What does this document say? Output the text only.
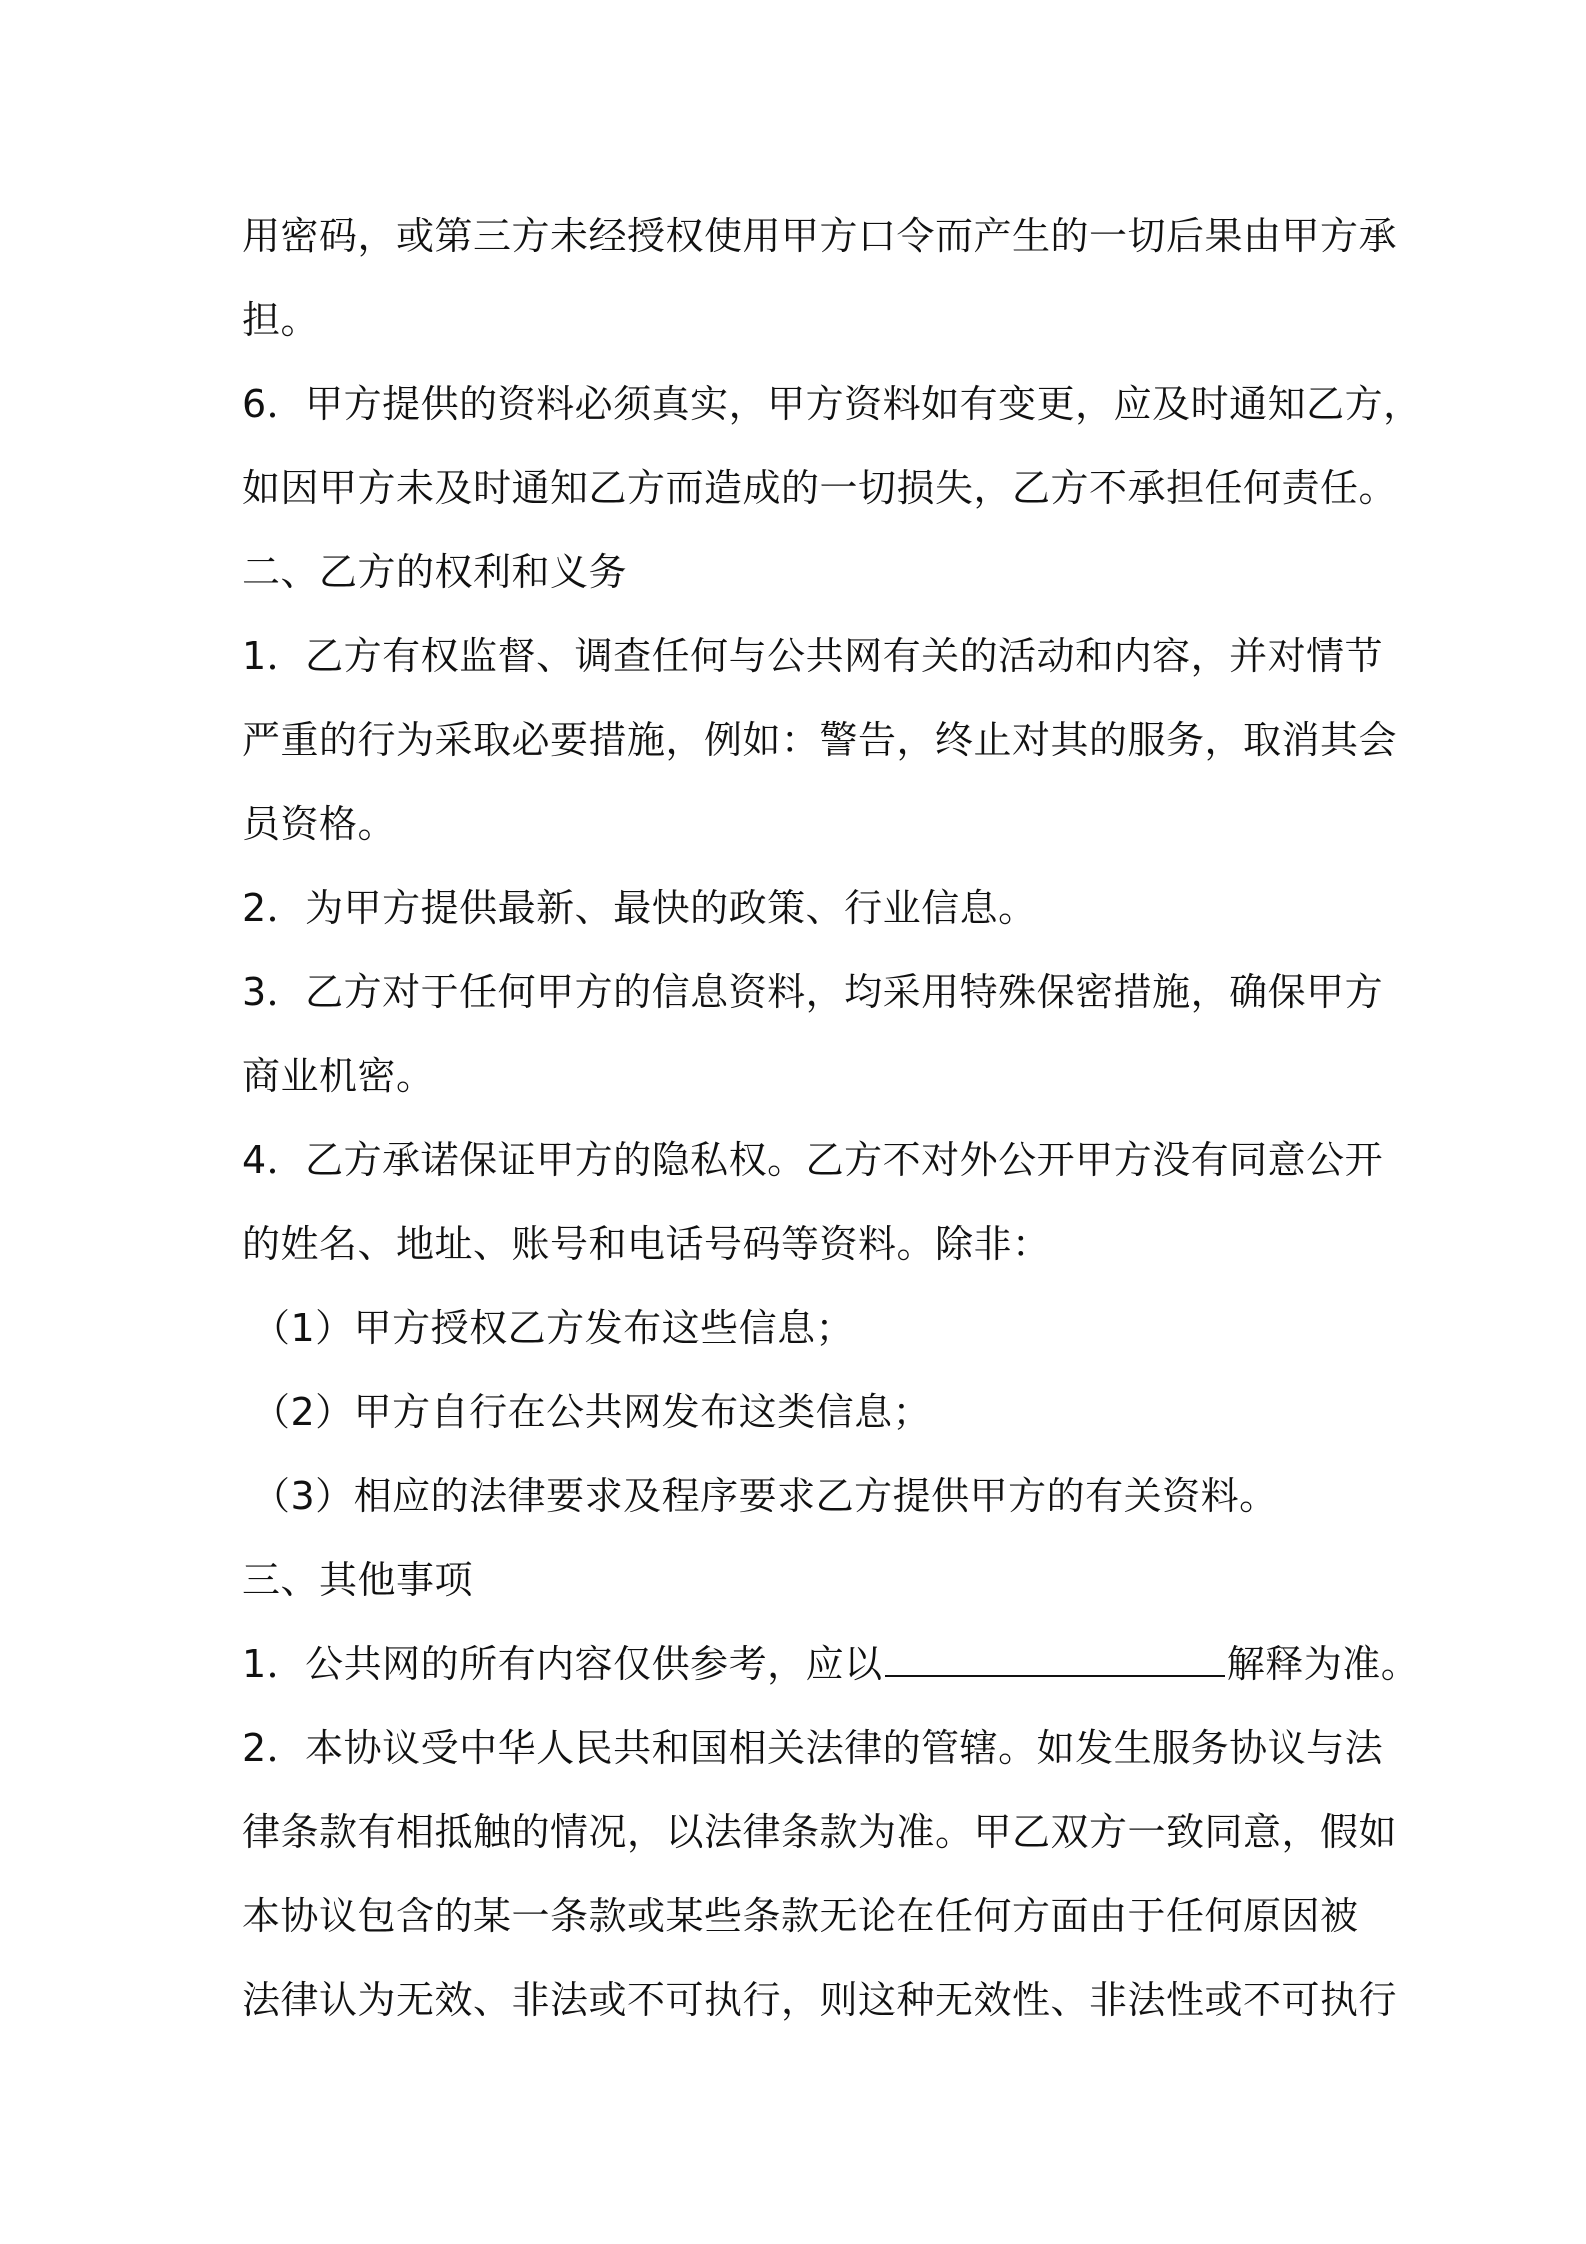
用密码，或第三方未经授权使用甲方口令而产生的一切后果由甲方承
担。
6．甲方提供的资料必须真实，甲方资料如有变更，应及时通知乙方，
如因甲方未及时通知乙方而造成的一切损失，乙方不承担任何责任。
二、乙方的权利和义务
1．乙方有权监督、调查任何与公共网有关的活动和内容，并对情节
严重的行为采取必要措施，例如：警告，终止对其的服务，取消其会
员资格。
2．为甲方提供最新、最快的政策、行业信息。
3．乙方对于任何甲方的信息资料，均采用特殊保密措施，确保甲方
商业机密。
4．乙方承诺保证甲方的隐私权。乙方不对外公开甲方没有同意公开
的姓名、地址、账号和电话号码等资料。除非：
（1）甲方授权乙方发布这些信息；
（2）甲方自行在公共网发布这类信息；
（3）相应的法律要求及程序要求乙方提供甲方的有关资料。
三、其他事项
1．公共网的所有内容仅供参考，应以	解释为准。
2．本协议受中华人民共和国相关法律的管辖。如发生服务协议与法
律条款有相抵触的情况，以法律条款为准。甲乙双方一致同意，假如
本协议包含的某一条款或某些条款无论在任何方面由于任何原因被
法律认为无效、非法或不可执行，则这种无效性、非法性或不可执行
